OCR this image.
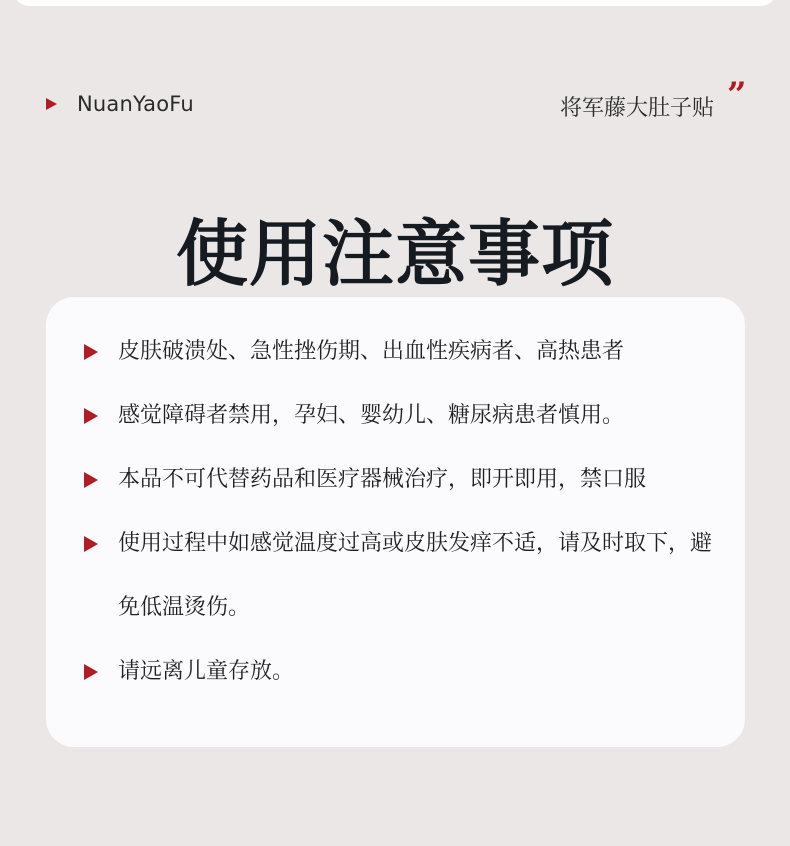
NuanYaoFu	将军藤大肚子贴 ”
使用注意事项
皮肤破溃处、急性挫伤期、出血性疾病者、高热患者
感觉障碍者禁用，孕妇、婴幼儿、糖尿病患者慎用。
本品不可代替药品和医疗器械治疗，即开即用，禁口服
使用过程中如感觉温度过高或皮肤发痒不适，请及时取下，避免低温烫伤。
请远离儿童存放。
